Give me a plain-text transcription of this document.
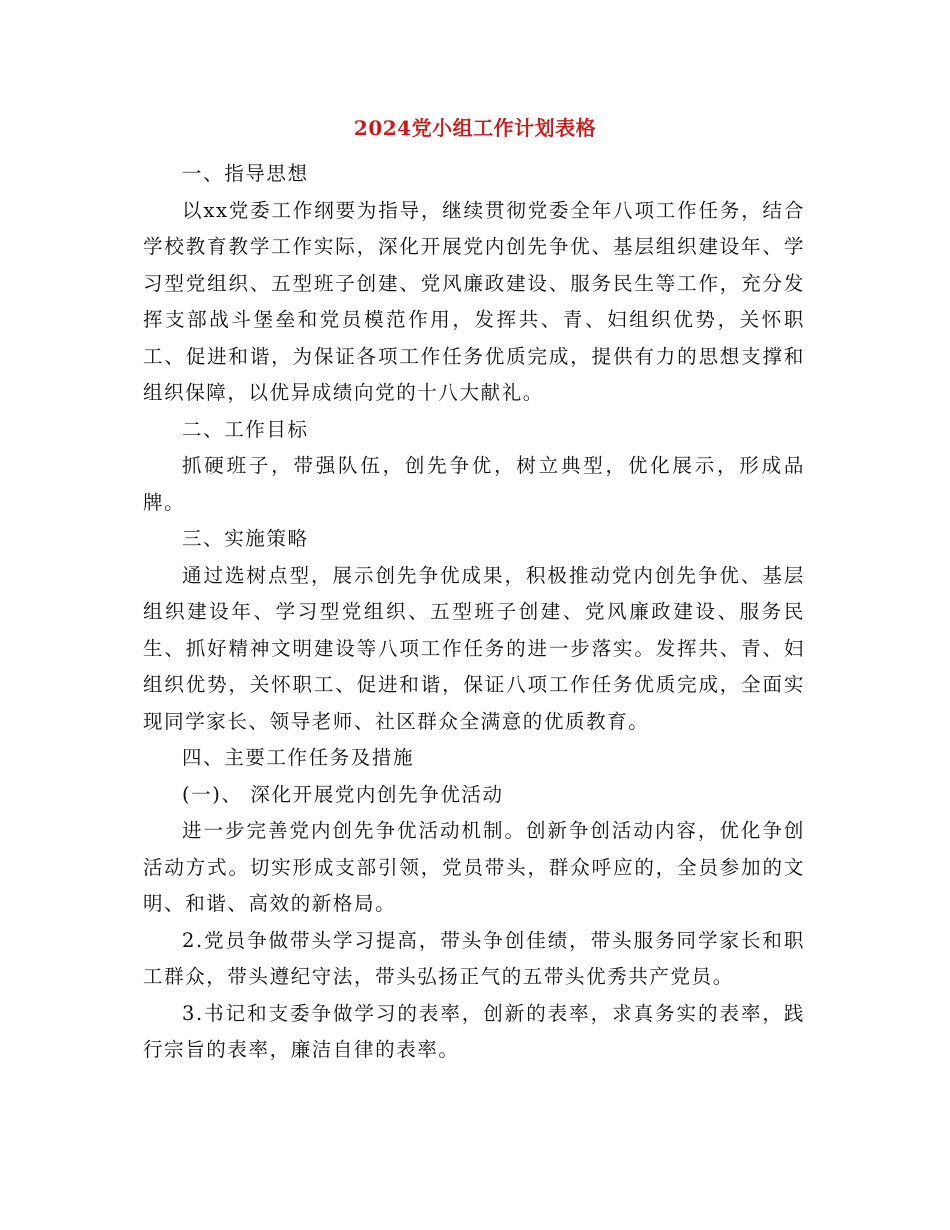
2024党小组工作计划表格

一、指导思想

以xx党委工作纲要为指导，继续贯彻党委全年八项工作任务，结合学校教育教学工作实际，深化开展党内创先争优、基层组织建设年、学习型党组织、五型班子创建、党风廉政建设、服务民生等工作，充分发挥支部战斗堡垒和党员模范作用，发挥共、青、妇组织优势，关怀职工、促进和谐，为保证各项工作任务优质完成，提供有力的思想支撑和组织保障，以优异成绩向党的十八大献礼。

二、工作目标

抓硬班子，带强队伍，创先争优，树立典型，优化展示，形成品牌。

三、实施策略

通过选树点型，展示创先争优成果，积极推动党内创先争优、基层组织建设年、学习型党组织、五型班子创建、党风廉政建设、服务民生、抓好精神文明建设等八项工作任务的进一步落实。发挥共、青、妇组织优势，关怀职工、促进和谐，保证八项工作任务优质完成，全面实现同学家长、领导老师、社区群众全满意的优质教育。

四、主要工作任务及措施

(一)、 深化开展党内创先争优活动

进一步完善党内创先争优活动机制。创新争创活动内容，优化争创活动方式。切实形成支部引领，党员带头，群众呼应的，全员参加的文明、和谐、高效的新格局。

2.党员争做带头学习提高，带头争创佳绩，带头服务同学家长和职工群众，带头遵纪守法，带头弘扬正气的五带头优秀共产党员。

3.书记和支委争做学习的表率，创新的表率，求真务实的表率，践行宗旨的表率，廉洁自律的表率。
